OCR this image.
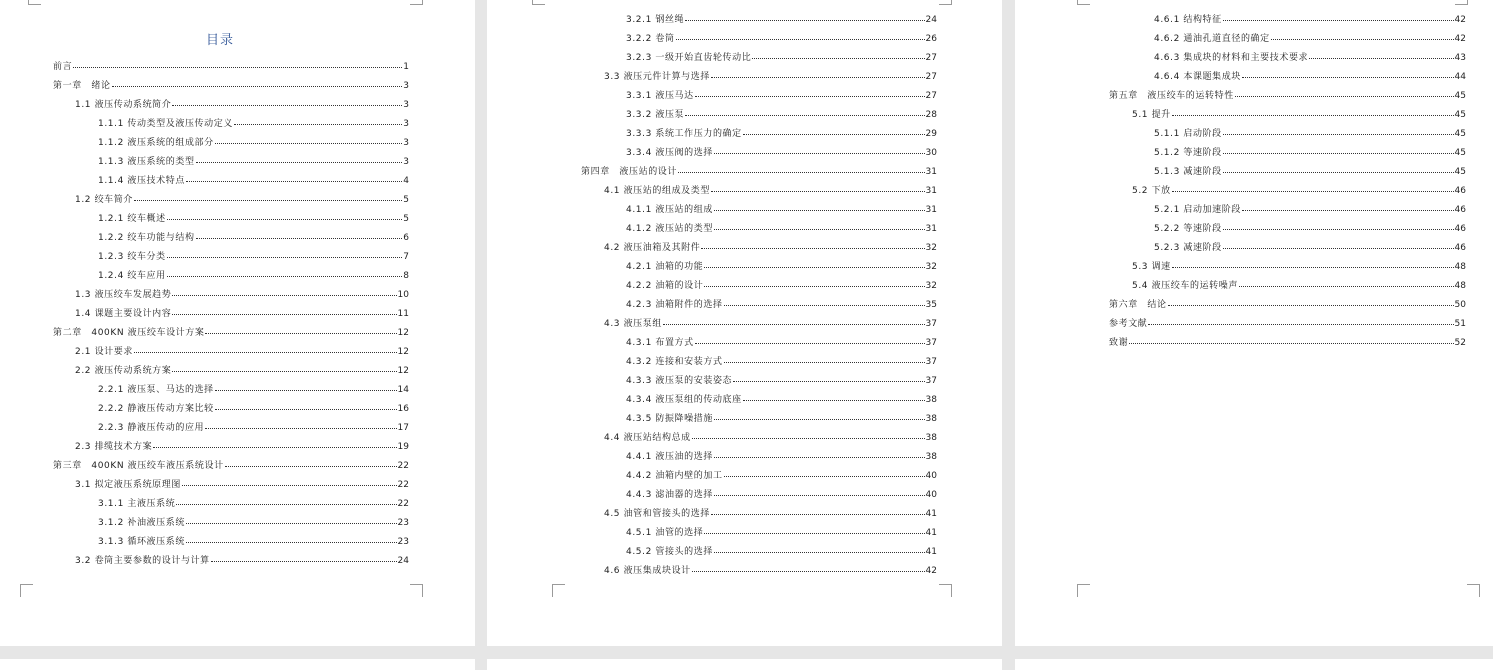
目录
前言	1
第一章　绪论	3
1.1 液压传动系统简介	3
1.1.1 传动类型及液压传动定义	3
1.1.2 液压系统的组成部分	3
1.1.3 液压系统的类型	3
1.1.4 液压技术特点	4
1.2 绞车简介	5
1.2.1 绞车概述	5
1.2.2 绞车功能与结构	6
1.2.3 绞车分类	7
1.2.4 绞车应用	8
1.3 液压绞车发展趋势	10
1.4 课题主要设计内容	11
第二章　400KN 液压绞车设计方案	12
2.1 设计要求	12
2.2 液压传动系统方案	12
2.2.1 液压泵、马达的选择	14
2.2.2 静液压传动方案比较	16
2.2.3 静液压传动的应用	17
2.3 排缆技术方案	19
第三章　400KN 液压绞车液压系统设计	22
3.1 拟定液压系统原理图	22
3.1.1 主液压系统	22
3.1.2 补油液压系统	23
3.1.3 循环液压系统	23
3.2 卷筒主要参数的设计与计算	24
3.2.1 钢丝绳	24
3.2.2 卷筒	26
3.2.3 一级开始直齿轮传动比	27
3.3 液压元件计算与选择	27
3.3.1 液压马达	27
3.3.2 液压泵	28
3.3.3 系统工作压力的确定	29
3.3.4 液压阀的选择	30
第四章　液压站的设计	31
4.1 液压站的组成及类型	31
4.1.1 液压站的组成	31
4.1.2 液压站的类型	31
4.2 液压油箱及其附件	32
4.2.1 油箱的功能	32
4.2.2 油箱的设计	32
4.2.3 油箱附件的选择	35
4.3 液压泵组	37
4.3.1 布置方式	37
4.3.2 连接和安装方式	37
4.3.3 液压泵的安装姿态	37
4.3.4 液压泵组的传动底座	38
4.3.5 防振降噪措施	38
4.4 液压站结构总成	38
4.4.1 液压油的选择	38
4.4.2 油箱内壁的加工	40
4.4.3 滤油器的选择	40
4.5 油管和管接头的选择	41
4.5.1 油管的选择	41
4.5.2 管接头的选择	41
4.6 液压集成块设计	42
4.6.1 结构特征	42
4.6.2 通油孔道直径的确定	42
4.6.3 集成块的材料和主要技术要求	43
4.6.4 本课题集成块	44
第五章　液压绞车的运转特性	45
5.1 提升	45
5.1.1 启动阶段	45
5.1.2 等速阶段	45
5.1.3 减速阶段	45
5.2 下放	46
5.2.1 启动加速阶段	46
5.2.2 等速阶段	46
5.2.3 减速阶段	46
5.3 调速	48
5.4 液压绞车的运转噪声	48
第六章　结论	50
参考文献	51
致谢	52
